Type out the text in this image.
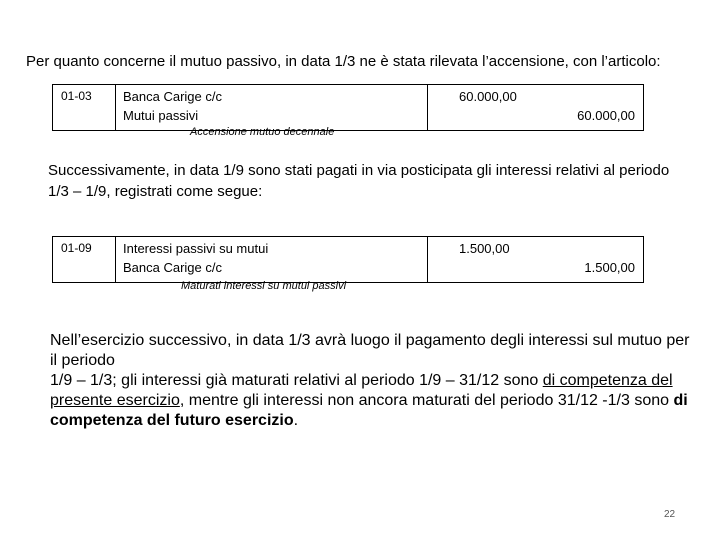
Per quanto concerne il mutuo passivo, in data 1/3 ne è stata rilevata l’accensione, con l’articolo:
01-03 Banca Carige c/c
Mutui passivi
60.000,00
60.000,00
Accensione mutuo decennale
Successivamente, in data 1/9 sono stati pagati in via posticipata gli interessi relativi al periodo 1/3 – 1/9, registrati come segue:
01-09 Interessi passivi su mutui
Banca Carige c/c
1.500,00
1.500,00
Maturati interessi su mutui passivi
Nell’esercizio successivo, in data 1/3 avrà luogo il pagamento degli interessi sul mutuo per il periodo
1/9 – 1/3; gli interessi già maturati relativi al periodo 1/9 – 31/12 sono di competenza del presente esercizio, mentre gli interessi non ancora maturati del periodo 31/12 -1/3 sono di competenza del futuro esercizio.
22
